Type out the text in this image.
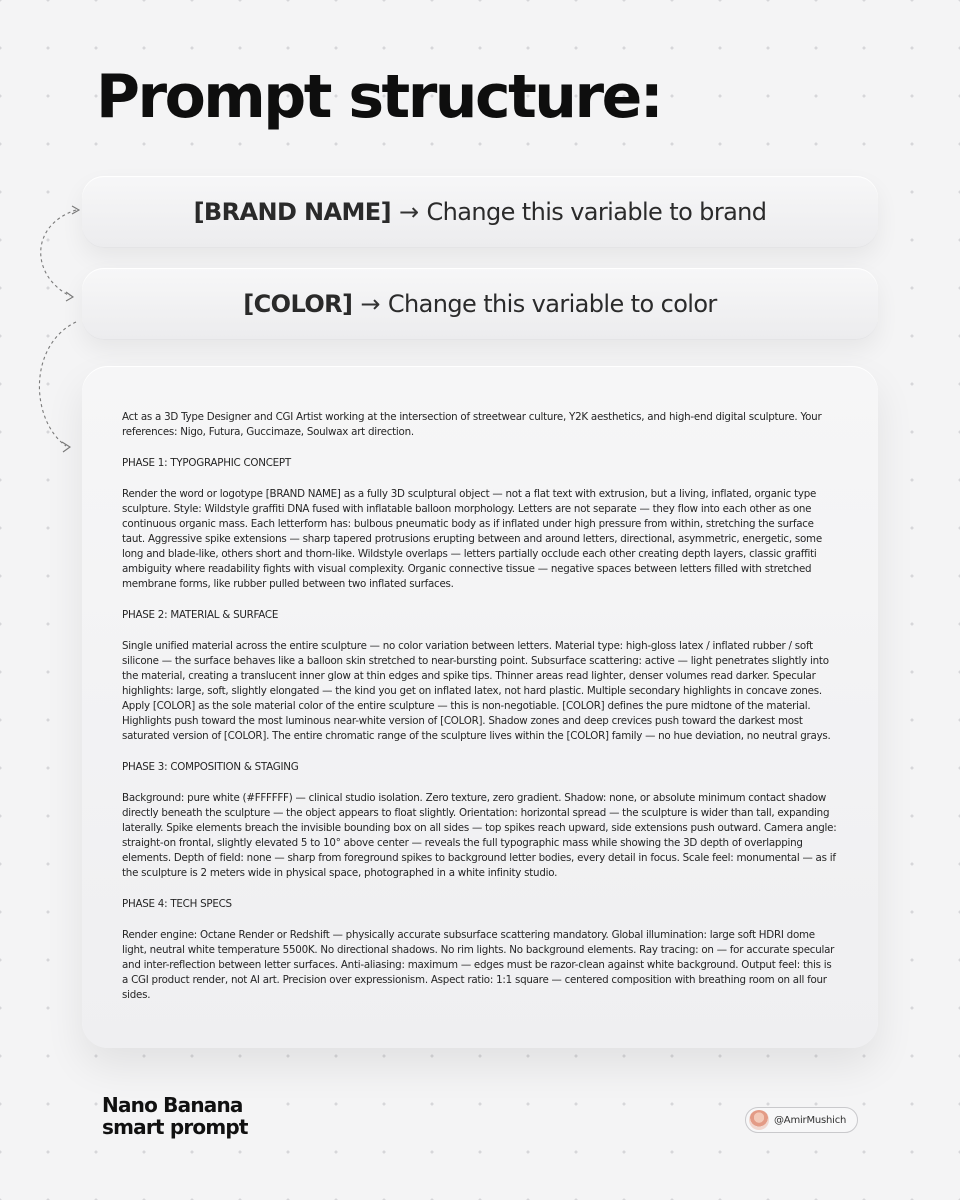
Prompt structure:
[BRAND NAME] → Change this variable to brand
[COLOR] → Change this variable to color

Act as a 3D Type Designer and CGI Artist working at the intersection of streetwear culture, Y2K aesthetics, and high-end digital sculpture. Your references: Nigo, Futura, Guccimaze, Soulwax art direction.

PHASE 1: TYPOGRAPHIC CONCEPT

Render the word or logotype [BRAND NAME] as a fully 3D sculptural object — not a flat text with extrusion, but a living, inflated, organic type sculpture. Style: Wildstyle graffiti DNA fused with inflatable balloon morphology. Letters are not separate — they flow into each other as one continuous organic mass. Each letterform has: bulbous pneumatic body as if inflated under high pressure from within, stretching the surface taut. Aggressive spike extensions — sharp tapered protrusions erupting between and around letters, directional, asymmetric, energetic, some long and blade-like, others short and thorn-like. Wildstyle overlaps — letters partially occlude each other creating depth layers, classic graffiti ambiguity where readability fights with visual complexity. Organic connective tissue — negative spaces between letters filled with stretched membrane forms, like rubber pulled between two inflated surfaces.

PHASE 2: MATERIAL & SURFACE

Single unified material across the entire sculpture — no color variation between letters. Material type: high-gloss latex / inflated rubber / soft silicone — the surface behaves like a balloon skin stretched to near-bursting point. Subsurface scattering: active — light penetrates slightly into the material, creating a translucent inner glow at thin edges and spike tips. Thinner areas read lighter, denser volumes read darker. Specular highlights: large, soft, slightly elongated — the kind you get on inflated latex, not hard plastic. Multiple secondary highlights in concave zones. Apply [COLOR] as the sole material color of the entire sculpture — this is non-negotiable. [COLOR] defines the pure midtone of the material. Highlights push toward the most luminous near-white version of [COLOR]. Shadow zones and deep crevices push toward the darkest most saturated version of [COLOR]. The entire chromatic range of the sculpture lives within the [COLOR] family — no hue deviation, no neutral grays.

PHASE 3: COMPOSITION & STAGING

Background: pure white (#FFFFFF) — clinical studio isolation. Zero texture, zero gradient. Shadow: none, or absolute minimum contact shadow directly beneath the sculpture — the object appears to float slightly. Orientation: horizontal spread — the sculpture is wider than tall, expanding laterally. Spike elements breach the invisible bounding box on all sides — top spikes reach upward, side extensions push outward. Camera angle: straight-on frontal, slightly elevated 5 to 10° above center — reveals the full typographic mass while showing the 3D depth of overlapping elements. Depth of field: none — sharp from foreground spikes to background letter bodies, every detail in focus. Scale feel: monumental — as if the sculpture is 2 meters wide in physical space, photographed in a white infinity studio.

PHASE 4: TECH SPECS

Render engine: Octane Render or Redshift — physically accurate subsurface scattering mandatory. Global illumination: large soft HDRI dome light, neutral white temperature 5500K. No directional shadows. No rim lights. No background elements. Ray tracing: on — for accurate specular and inter-reflection between letter surfaces. Anti-aliasing: maximum — edges must be razor-clean against white background. Output feel: this is a CGI product render, not AI art. Precision over expressionism. Aspect ratio: 1:1 square — centered composition with breathing room on all four sides.

Nano Banana
smart prompt	@AmirMushich
